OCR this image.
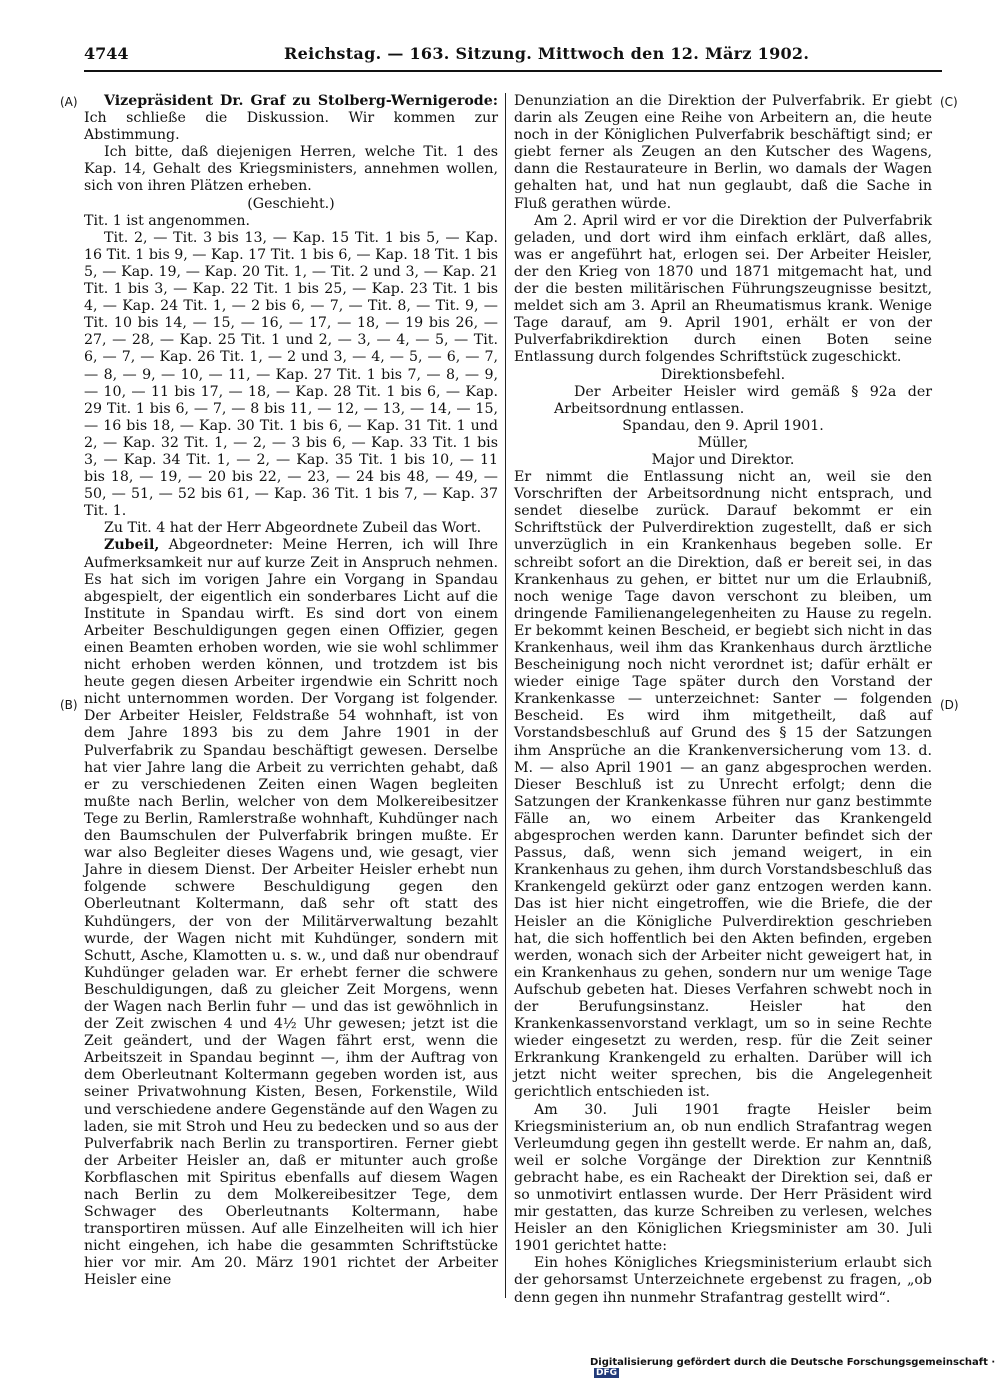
4744	Reichstag. — 163. Sitzung. Mittwoch den 12. März 1902.
(A)
(B)
(C)
(D)

Vizepräsident Dr. Graf zu Stolberg-Wernigerode: Ich schließe die Diskussion. Wir kommen zur Abstimmung.

Ich bitte, daß diejenigen Herren, welche Tit. 1 des Kap. 14, Gehalt des Kriegsministers, annehmen wollen, sich von ihren Plätzen erheben.

(Geschieht.)

Tit. 1 ist angenommen.

Tit. 2, — Tit. 3 bis 13, — Kap. 15 Tit. 1 bis 5, — Kap. 16 Tit. 1 bis 9, — Kap. 17 Tit. 1 bis 6, — Kap. 18 Tit. 1 bis 5, — Kap. 19, — Kap. 20 Tit. 1, — Tit. 2 und 3, — Kap. 21 Tit. 1 bis 3, — Kap. 22 Tit. 1 bis 25, — Kap. 23 Tit. 1 bis 4, — Kap. 24 Tit. 1, — 2 bis 6, — 7, — Tit. 8, — Tit. 9, — Tit. 10 bis 14, — 15, — 16, — 17, — 18, — 19 bis 26, — 27, — 28, — Kap. 25 Tit. 1 und 2, — 3, — 4, — 5, — Tit. 6, — 7, — Kap. 26 Tit. 1, — 2 und 3, — 4, — 5, — 6, — 7, — 8, — 9, — 10, — 11, — Kap. 27 Tit. 1 bis 7, — 8, — 9, — 10, — 11 bis 17, — 18, — Kap. 28 Tit. 1 bis 6, — Kap. 29 Tit. 1 bis 6, — 7, — 8 bis 11, — 12, — 13, — 14, — 15, — 16 bis 18, — Kap. 30 Tit. 1 bis 6, — Kap. 31 Tit. 1 und 2, — Kap. 32 Tit. 1, — 2, — 3 bis 6, — Kap. 33 Tit. 1 bis 3, — Kap. 34 Tit. 1, — 2, — Kap. 35 Tit. 1 bis 10, — 11 bis 18, — 19, — 20 bis 22, — 23, — 24 bis 48, — 49, — 50, — 51, — 52 bis 61, — Kap. 36 Tit. 1 bis 7, — Kap. 37 Tit. 1.

Zu Tit. 4 hat der Herr Abgeordnete Zubeil das Wort.

Zubeil, Abgeordneter: Meine Herren, ich will Ihre Aufmerksamkeit nur auf kurze Zeit in Anspruch nehmen. Es hat sich im vorigen Jahre ein Vorgang in Spandau abgespielt, der eigentlich ein sonderbares Licht auf die Institute in Spandau wirft. Es sind dort von einem Arbeiter Beschuldigungen gegen einen Offizier, gegen einen Beamten erhoben worden, wie sie wohl schlimmer nicht erhoben werden können, und trotzdem ist bis heute gegen diesen Arbeiter irgendwie ein Schritt noch nicht unternommen worden. Der Vorgang ist folgender. Der Arbeiter Heisler, Feldstraße 54 wohnhaft, ist von dem Jahre 1893 bis zu dem Jahre 1901 in der Pulverfabrik zu Spandau beschäftigt gewesen. Derselbe hat vier Jahre lang die Arbeit zu verrichten gehabt, daß er zu verschiedenen Zeiten einen Wagen begleiten mußte nach Berlin, welcher von dem Molkereibesitzer Tege zu Berlin, Ramlerstraße wohnhaft, Kuhdünger nach den Baumschulen der Pulverfabrik bringen mußte. Er war also Begleiter dieses Wagens und, wie gesagt, vier Jahre in diesem Dienst. Der Arbeiter Heisler erhebt nun folgende schwere Beschuldigung gegen den Oberleutnant Koltermann, daß sehr oft statt des Kuhdüngers, der von der Militärverwaltung bezahlt wurde, der Wagen nicht mit Kuhdünger, sondern mit Schutt, Asche, Klamotten u. s. w., und daß nur obendrauf Kuhdünger geladen war. Er erhebt ferner die schwere Beschuldigungen, daß zu gleicher Zeit Morgens, wenn der Wagen nach Berlin fuhr — und das ist gewöhnlich in der Zeit zwischen 4 und 4½ Uhr gewesen; jetzt ist die Zeit geändert, und der Wagen fährt erst, wenn die Arbeitszeit in Spandau beginnt —, ihm der Auftrag von dem Oberleutnant Koltermann gegeben worden ist, aus seiner Privatwohnung Kisten, Besen, Forkenstile, Wild und verschiedene andere Gegenstände auf den Wagen zu laden, sie mit Stroh und Heu zu bedecken und so aus der Pulverfabrik nach Berlin zu transportiren. Ferner giebt der Arbeiter Heisler an, daß er mitunter auch große Korbflaschen mit Spiritus ebenfalls auf diesem Wagen nach Berlin zu dem Molkereibesitzer Tege, dem Schwager des Oberleutnants Koltermann, habe transportiren müssen. Auf alle Einzelheiten will ich hier nicht eingehen, ich habe die gesammten Schriftstücke hier vor mir. Am 20. März 1901 richtet der Arbeiter Heisler eine

Denunziation an die Direktion der Pulverfabrik. Er giebt darin als Zeugen eine Reihe von Arbeitern an, die heute noch in der Königlichen Pulverfabrik beschäftigt sind; er giebt ferner als Zeugen an den Kutscher des Wagens, dann die Restaurateure in Berlin, wo damals der Wagen gehalten hat, und hat nun geglaubt, daß die Sache in Fluß gerathen würde.

Am 2. April wird er vor die Direktion der Pulverfabrik geladen, und dort wird ihm einfach erklärt, daß alles, was er angeführt hat, erlogen sei. Der Arbeiter Heisler, der den Krieg von 1870 und 1871 mitgemacht hat, und der die besten militärischen Führungszeugnisse besitzt, meldet sich am 3. April an Rheumatismus krank. Wenige Tage darauf, am 9. April 1901, erhält er von der Pulverfabrikdirektion durch einen Boten seine Entlassung durch folgendes Schriftstück zugeschickt.

Direktionsbefehl.

Der Arbeiter Heisler wird gemäß § 92a der Arbeitsordnung entlassen.

Spandau, den 9. April 1901.

Müller,

Major und Direktor.

Er nimmt die Entlassung nicht an, weil sie den Vorschriften der Arbeitsordnung nicht entsprach, und sendet dieselbe zurück. Darauf bekommt er ein Schriftstück der Pulverdirektion zugestellt, daß er sich unverzüglich in ein Krankenhaus begeben solle. Er schreibt sofort an die Direktion, daß er bereit sei, in das Krankenhaus zu gehen, er bittet nur um die Erlaubniß, noch wenige Tage davon verschont zu bleiben, um dringende Familienangelegenheiten zu Hause zu regeln. Er bekommt keinen Bescheid, er begiebt sich nicht in das Krankenhaus, weil ihm das Krankenhaus durch ärztliche Bescheinigung noch nicht verordnet ist; dafür erhält er wieder einige Tage später durch den Vorstand der Krankenkasse — unterzeichnet: Santer — folgenden Bescheid. Es wird ihm mitgetheilt, daß auf Vorstandsbeschluß auf Grund des § 15 der Satzungen ihm Ansprüche an die Krankenversicherung vom 13. d. M. — also April 1901 — an ganz abgesprochen werden. Dieser Beschluß ist zu Unrecht erfolgt; denn die Satzungen der Krankenkasse führen nur ganz bestimmte Fälle an, wo einem Arbeiter das Krankengeld abgesprochen werden kann. Darunter befindet sich der Passus, daß, wenn sich jemand weigert, in ein Krankenhaus zu gehen, ihm durch Vorstandsbeschluß das Krankengeld gekürzt oder ganz entzogen werden kann. Das ist hier nicht eingetroffen, wie die Briefe, die der Heisler an die Königliche Pulverdirektion geschrieben hat, die sich hoffentlich bei den Akten befinden, ergeben werden, wonach sich der Arbeiter nicht geweigert hat, in ein Krankenhaus zu gehen, sondern nur um wenige Tage Aufschub gebeten hat. Dieses Verfahren schwebt noch in der Berufungsinstanz. Heisler hat den Krankenkassenvorstand verklagt, um so in seine Rechte wieder eingesetzt zu werden, resp. für die Zeit seiner Erkrankung Krankengeld zu erhalten. Darüber will ich jetzt nicht weiter sprechen, bis die Angelegenheit gerichtlich entschieden ist.

Am 30. Juli 1901 fragte Heisler beim Kriegsministerium an, ob nun endlich Strafantrag wegen Verleumdung gegen ihn gestellt werde. Er nahm an, daß, weil er solche Vorgänge der Direktion zur Kenntniß gebracht habe, es ein Racheakt der Direktion sei, daß er so unmotivirt entlassen wurde. Der Herr Präsident wird mir gestatten, das kurze Schreiben zu verlesen, welches Heisler an den Königlichen Kriegsminister am 30. Juli 1901 gerichtet hatte:

Ein hohes Königliches Kriegsministerium erlaubt sich der gehorsamst Unterzeichnete ergebenst zu fragen, „ob denn gegen ihn nunmehr Strafantrag gestellt wird“.

Digitalisierung gefördert durch die Deutsche Forschungsgemeinschaft · DFG
